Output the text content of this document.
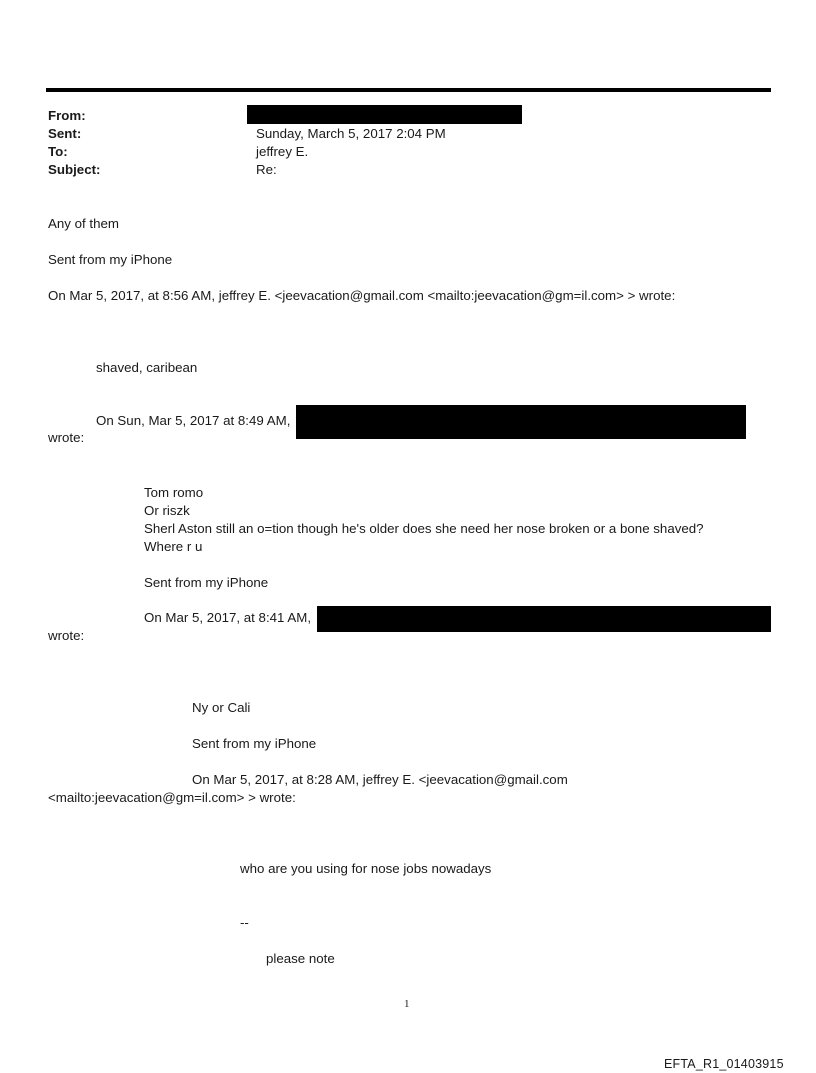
From:
Sent:	Sunday, March 5, 2017 2:04 PM
To:	jeffrey E.
Subject:	Re:
Any of them
Sent from my iPhone
On Mar 5, 2017, at 8:56 AM, jeffrey E. <jeevacation@gmail.com <mailto:jeevacation@gm=il.com> > wrote:
shaved, caribean
On Sun, Mar 5, 2017 at 8:49 AM,
wrote:
Tom romo
Or riszk
Sherl Aston still an o=tion though he's older does she need her nose broken or a bone shaved?
Where r u
Sent from my iPhone
On Mar 5, 2017, at 8:41 AM,
wrote:
Ny or Cali
Sent from my iPhone
On Mar 5, 2017, at 8:28 AM, jeffrey E. <jeevacation@gmail.com
<mailto:jeevacation@gm=il.com> > wrote:
who are you using for nose jobs nowadays
--
please note
1
EFTA_R1_01403915
